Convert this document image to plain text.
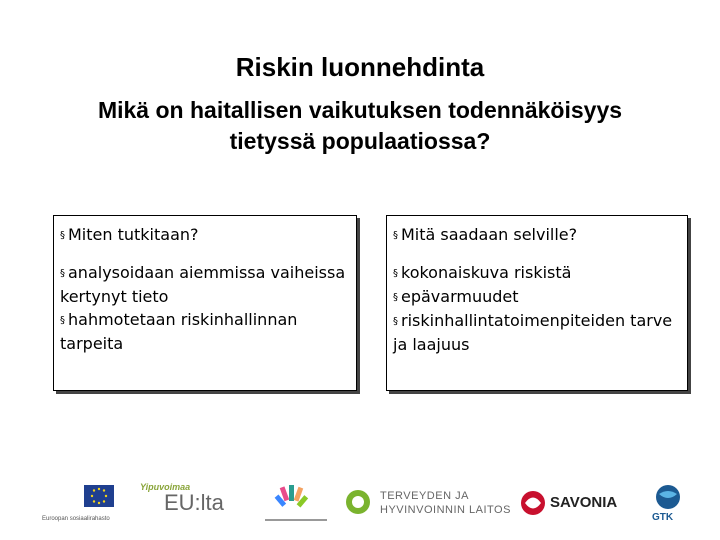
Riskin luonnehdinta
Mikä on haitallisen vaikutuksen todennäköisyys
tietyssä populaatiossa?
§ Miten tutkitaan?
§ analysoidaan aiemmissa vaiheissa kertynyt tieto
§ hahmotetaan riskinhallinnan tarpeita
§ Mitä saadaan selville?
§ kokonaiskuva riskistä
§ epävarmuudet
§ riskinhallintatoimenpiteiden tarve ja laajuus
Euroopan sosiaalirahasto
Yipuvoimaa
EU:lta	TERVEYDEN JA
HYVINVOINNIN LAITOS	SAVONIA
GTK
